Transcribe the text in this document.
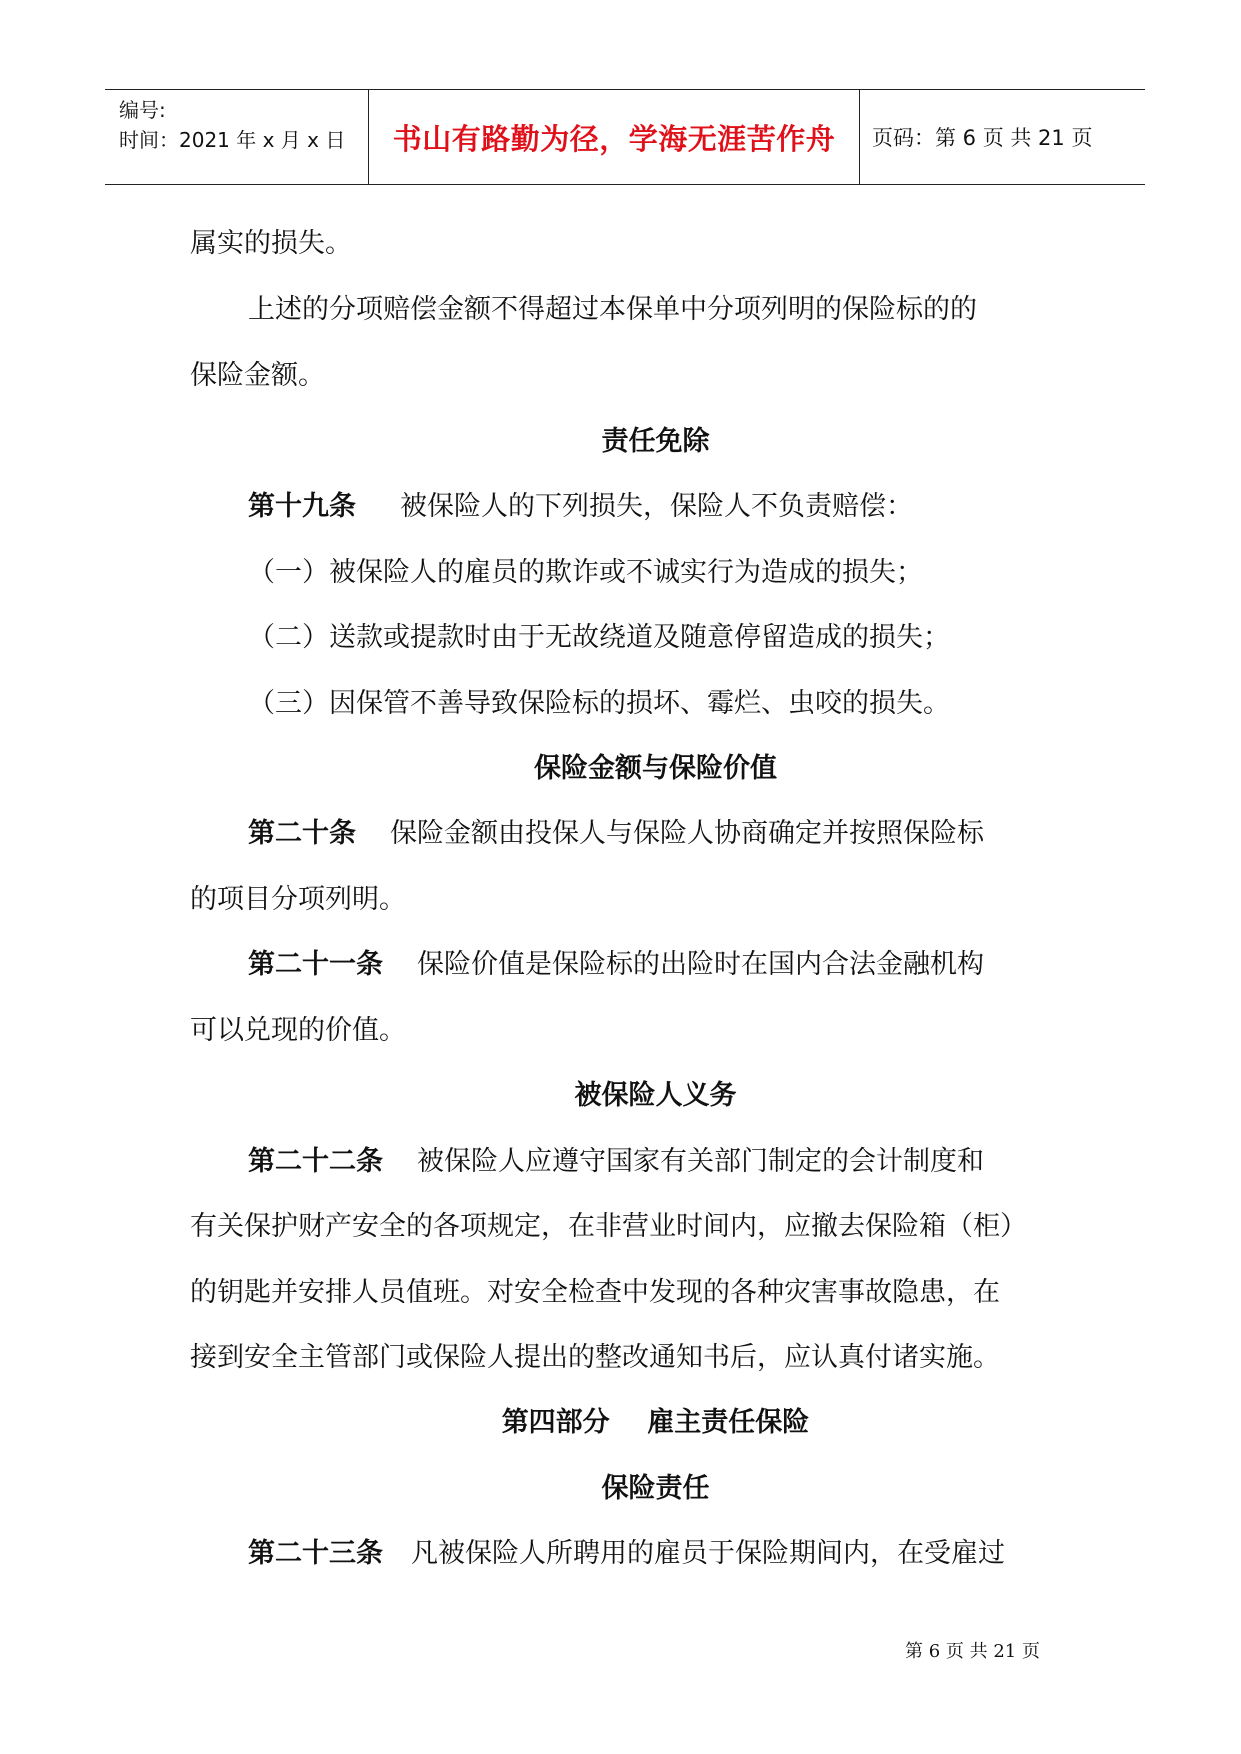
编号:
时间：2021 年 x 月 x 日 书山有路勤为径，学海无涯苦作舟 页码：第 6 页 共 21 页
属实的损失。
上述的分项赔偿金额不得超过本保单中分项列明的保险标的的
保险金额。
责任免除
第十九条 被保险人的下列损失，保险人不负责赔偿：
（一）被保险人的雇员的欺诈或不诚实行为造成的损失；
（二）送款或提款时由于无故绕道及随意停留造成的损失；
（三）因保管不善导致保险标的损坏、霉烂、虫咬的损失。
保险金额与保险价值
第二十条 保险金额由投保人与保险人协商确定并按照保险标
的项目分项列明。
第二十一条 保险价值是保险标的出险时在国内合法金融机构
可以兑现的价值。
被保险人义务
第二十二条 被保险人应遵守国家有关部门制定的会计制度和
有关保护财产安全的各项规定，在非营业时间内，应撤去保险箱（柜）
的钥匙并安排人员值班。对安全检查中发现的各种灾害事故隐患，在
接到安全主管部门或保险人提出的整改通知书后，应认真付诸实施。
第四部分    雇主责任保险
保险责任
第二十三条 凡被保险人所聘用的雇员于保险期间内，在受雇过
第 6 页 共 21 页
